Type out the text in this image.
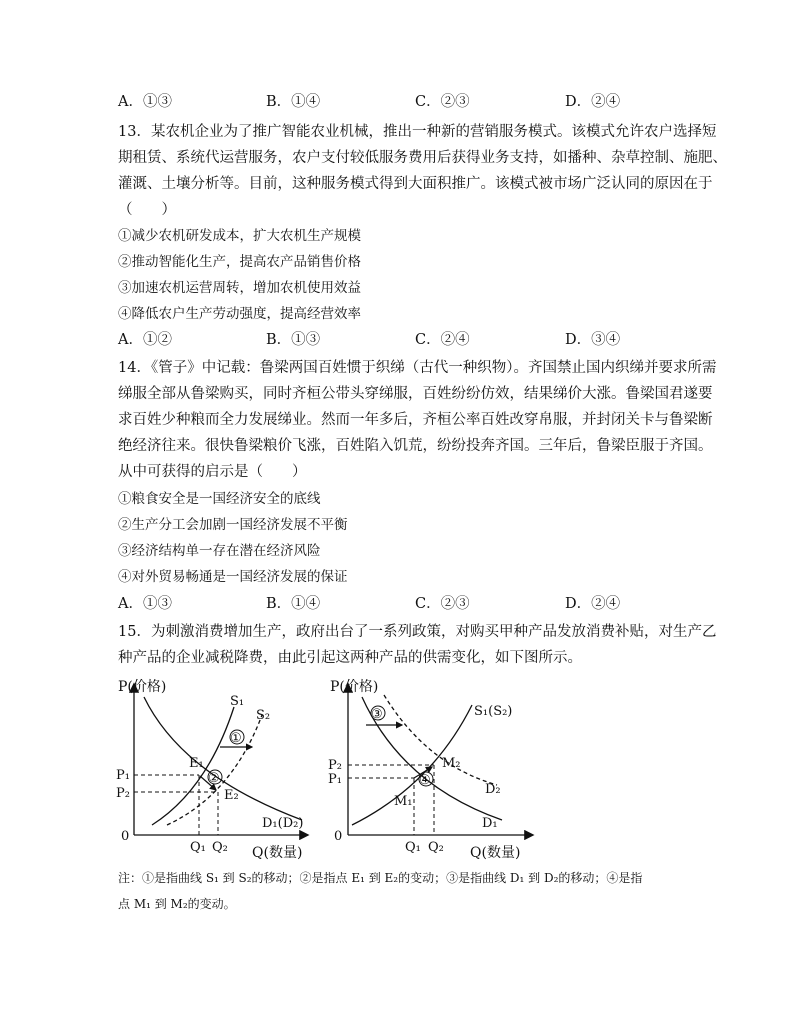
A．①③	B．①④	C．②③	D．②④
13．某农机企业为了推广智能农业机械，推出一种新的营销服务模式。该模式允许农户选择短
期租赁、系统代运营服务，农户支付较低服务费用后获得业务支持，如播种、杂草控制、施肥、
灌溉、土壤分析等。目前，这种服务模式得到大面积推广。该模式被市场广泛认同的原因在于
（　　）
①减少农机研发成本，扩大农机生产规模
②推动智能化生产，提高农产品销售价格
③加速农机运营周转，增加农机使用效益
④降低农户生产劳动强度，提高经营效率
A．①②	B．①③	C．②④	D．③④
14．《管子》中记载：鲁梁两国百姓惯于织绨（古代一种织物）。齐国禁止国内织绨并要求所需
绨服全部从鲁梁购买，同时齐桓公带头穿绨服，百姓纷纷仿效，结果绨价大涨。鲁梁国君遂要
求百姓少种粮而全力发展绨业。然而一年多后，齐桓公率百姓改穿帛服，并封闭关卡与鲁梁断
绝经济往来。很快鲁梁粮价飞涨，百姓陷入饥荒，纷纷投奔齐国。三年后，鲁梁臣服于齐国。
从中可获得的启示是（　　）
①粮食安全是一国经济安全的底线
②生产分工会加剧一国经济发展不平衡
③经济结构单一存在潜在经济风险
④对外贸易畅通是一国经济发展的保证
A．①③	B．①④	C．②③	D．②④
15．为刺激消费增加生产，政府出台了一系列政策，对购买甲种产品发放消费补贴，对生产乙
种产品的企业减税降费，由此引起这两种产品的供需变化，如下图所示。
P(价格)
Q(数量)
0
D₁(D₂)
S₁
S₂
①
E₁
E₂
②
P₁
P₂
Q₁ Q₂
P(价格)
Q(数量)
0
S₁(S₂)
D₁
D₂
③
④
M₁
M₂
P₂
P₁
Q₁ Q₂
注：①是指曲线 S₁ 到 S₂的移动；②是指点 E₁ 到 E₂的变动；③是指曲线 D₁ 到 D₂的移动；④是指
点 M₁ 到 M₂的变动。
